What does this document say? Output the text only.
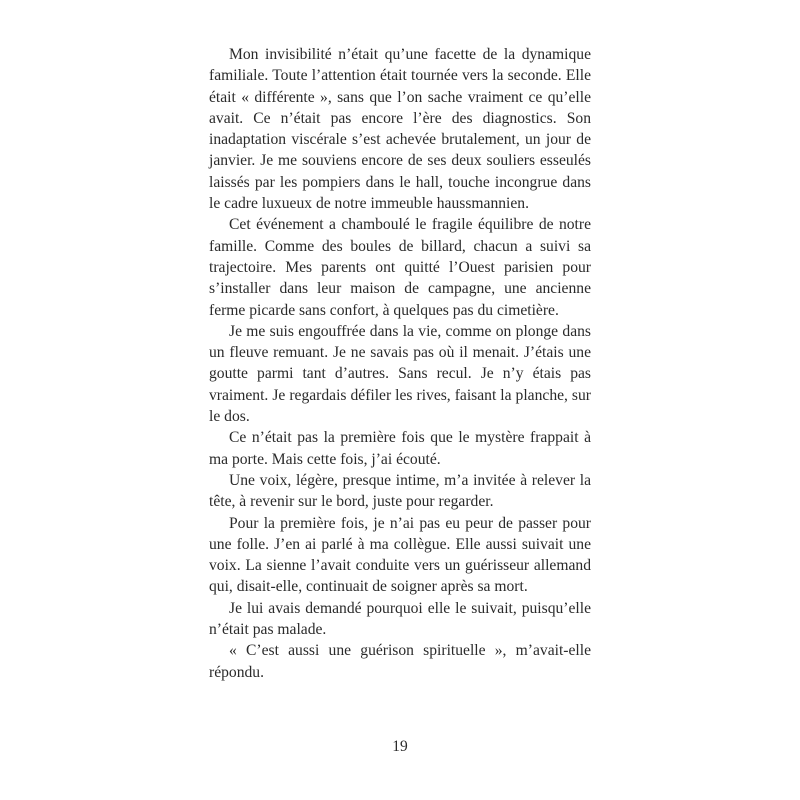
Mon invisibilité n’était qu’une facette de la dynamique familiale. Toute l’attention était tournée vers la seconde. Elle était « différente », sans que l’on sache vraiment ce qu’elle avait. Ce n’était pas encore l’ère des diagnostics. Son inadaptation viscérale s’est achevée brutalement, un jour de janvier. Je me souviens encore de ses deux souliers esseulés laissés par les pompiers dans le hall, touche incongrue dans le cadre luxueux de notre immeuble haussmannien.

Cet événement a chamboulé le fragile équilibre de notre famille. Comme des boules de billard, chacun a suivi sa trajectoire. Mes parents ont quitté l’Ouest parisien pour s’installer dans leur maison de campagne, une ancienne ferme picarde sans confort, à quelques pas du cimetière.

Je me suis engouffrée dans la vie, comme on plonge dans un fleuve remuant. Je ne savais pas où il menait. J’étais une goutte parmi tant d’autres. Sans recul. Je n’y étais pas vraiment. Je regardais défiler les rives, faisant la planche, sur le dos.

Ce n’était pas la première fois que le mystère frappait à ma porte. Mais cette fois, j’ai écouté.

Une voix, légère, presque intime, m’a invitée à relever la tête, à revenir sur le bord, juste pour regarder.

Pour la première fois, je n’ai pas eu peur de passer pour une folle. J’en ai parlé à ma collègue. Elle aussi suivait une voix. La sienne l’avait conduite vers un guérisseur allemand qui, disait-elle, continuait de soigner après sa mort.

Je lui avais demandé pourquoi elle le suivait, puisqu’elle n’était pas malade.

« C’est aussi une guérison spirituelle », m’avait-elle répondu.

19
